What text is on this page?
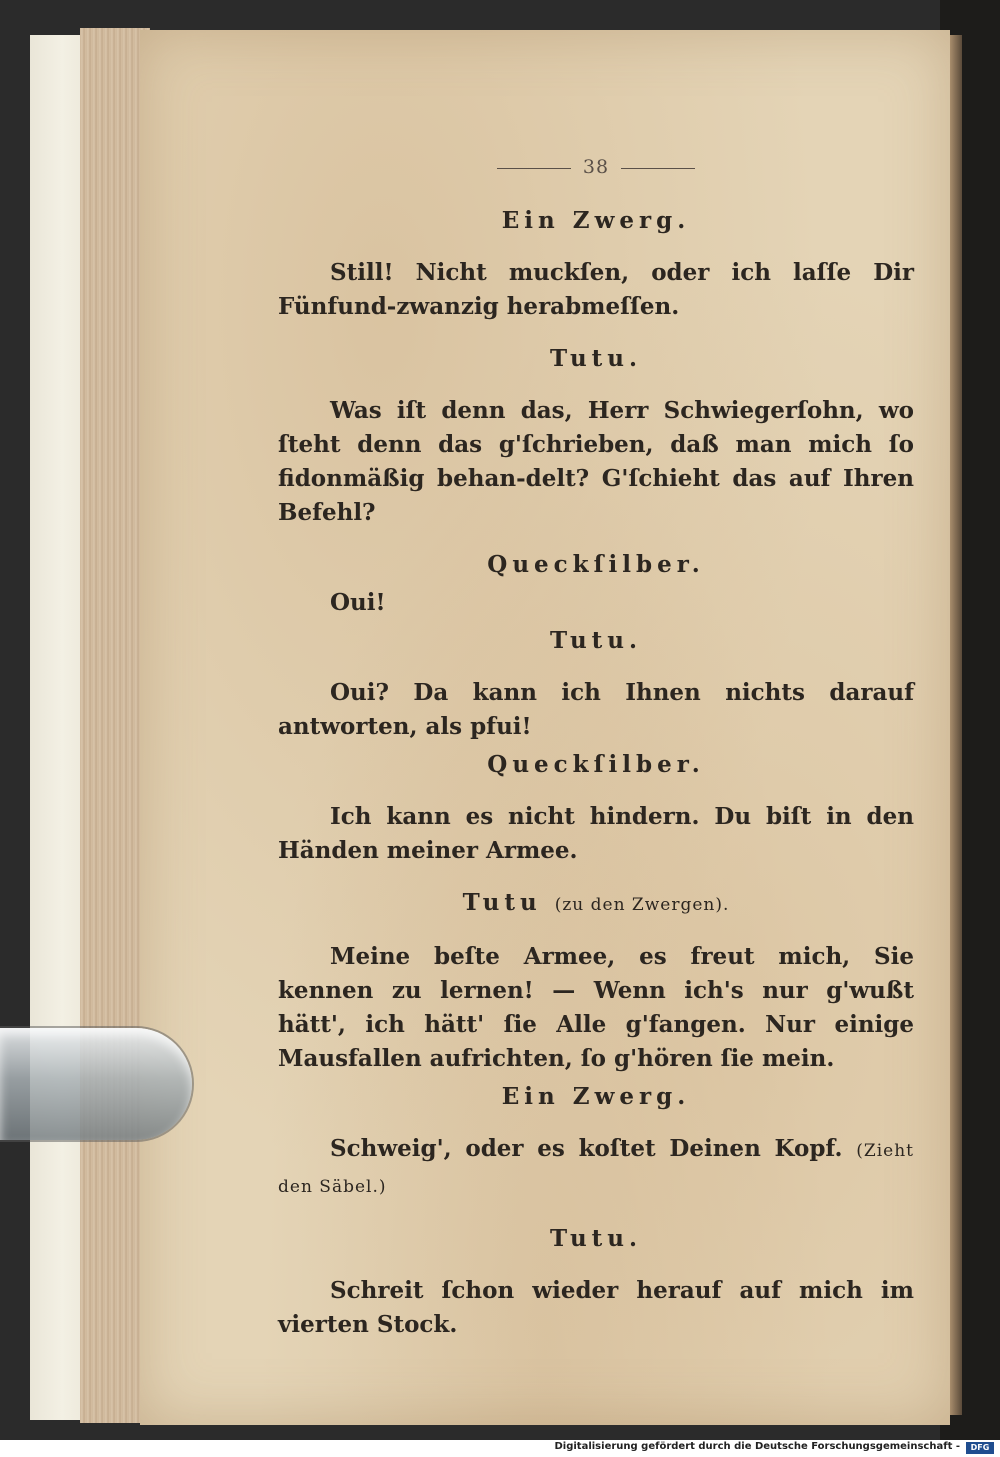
38
Ein Zwerg.
Still! Nicht muckſen, oder ich laſſe Dir Fünfund-zwanzig herabmeſſen.
Tutu.
Was iſt denn das, Herr Schwiegerſohn, wo ſteht denn das g'ſchrieben, daß man mich ſo fidonmäßig behan-delt? G'ſchieht das auf Ihren Befehl?
Queckſilber.
Oui!
Tutu.
Oui? Da kann ich Ihnen nichts darauf antworten, als pfui!
Queckſilber.
Ich kann es nicht hindern. Du biſt in den Händen meiner Armee.
Tutu (zu den Zwergen).
Meine beſte Armee, es freut mich, Sie kennen zu lernen! — Wenn ich's nur g'wußt hätt', ich hätt' ſie Alle g'fangen. Nur einige Mausfallen aufrichten, ſo g'hören ſie mein.
Ein Zwerg.
Schweig', oder es koſtet Deinen Kopf. (Zieht den Säbel.)
Tutu.
Schreit ſchon wieder herauf auf mich im vierten Stock.
Digitalisierung gefördert durch die Deutsche Forschungsgemeinschaft -	DFG
